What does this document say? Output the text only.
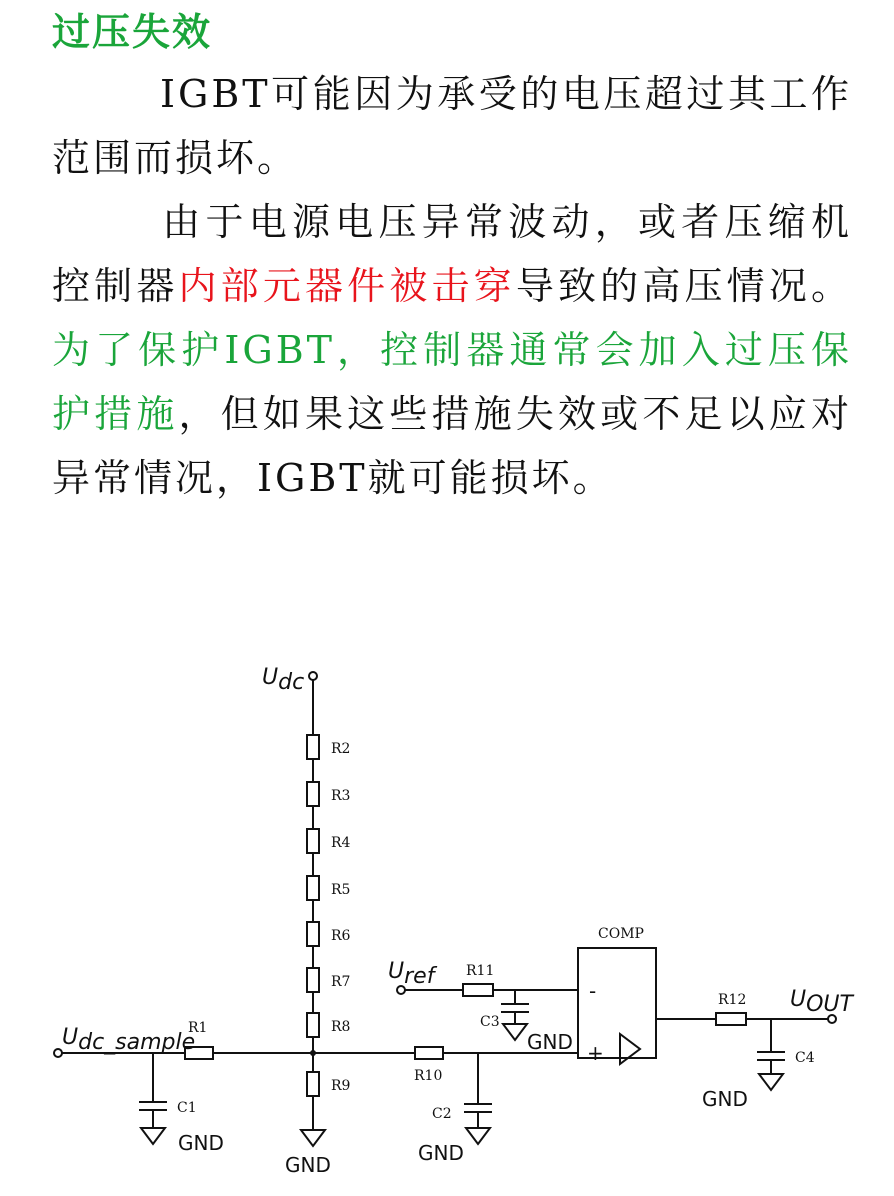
过压失效

IGBT可能因为承受的电压超过其工作范围而损坏。

由于电源电压异常波动，或者压缩机控制器内部元器件被击穿导致的高压情况。为了保护IGBT，控制器通常会加入过压保护措施，但如果这些措施失效或不足以应对异常情况，IGBT就可能损坏。

Udc
Udc_sample
Uref
UOUT
R1
R2
R3
R4
R5
R6
R7
R8
R9
R10
R11
R12
C1	C2
C3
C4
COMP
-
+
GND
GND	GND
GND
GND
